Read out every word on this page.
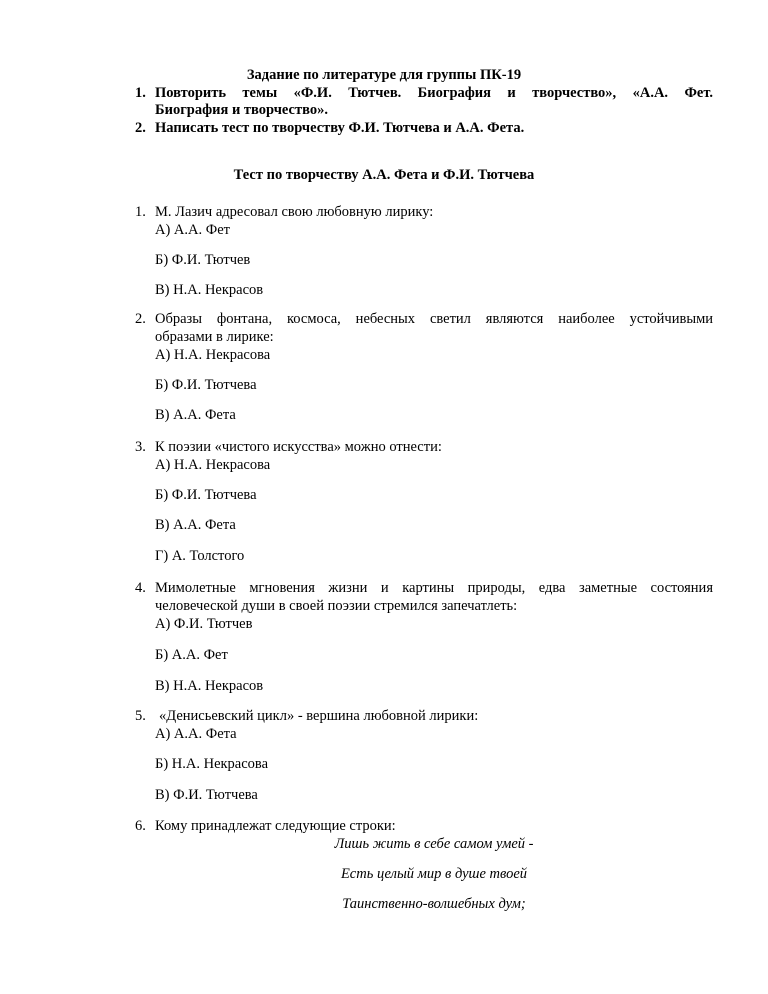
Задание по литературе для группы ПК-19
1. Повторить темы «Ф.И. Тютчев. Биография и творчество», «А.А. Фет.
Биография и творчество».
2. Написать тест по творчеству Ф.И. Тютчева и А.А. Фета.
Тест по творчеству А.А. Фета и Ф.И. Тютчева
1. М. Лазич адресовал свою любовную лирику:
А) А.А. Фет
Б) Ф.И. Тютчев
В) Н.А. Некрасов
2. Образы фонтана, космоса, небесных светил являются наиболее устойчивыми
образами в лирике:
А) Н.А. Некрасова
Б) Ф.И. Тютчева
В) А.А. Фета
3. К поэзии «чистого искусства» можно отнести:
А) Н.А. Некрасова
Б) Ф.И. Тютчева
В) А.А. Фета
Г) А. Толстого
4. Мимолетные мгновения жизни и картины природы, едва заметные состояния
человеческой души в своей поэзии стремился запечатлеть:
А) Ф.И. Тютчев
Б) А.А. Фет
В) Н.А. Некрасов
5. «Денисьевский цикл» - вершина любовной лирики:
А) А.А. Фета
Б) Н.А. Некрасова
В) Ф.И. Тютчева
6. Кому принадлежат следующие строки:
Лишь жить в себе самом умей -
Есть целый мир в душе твоей
Таинственно-волшебных дум;
